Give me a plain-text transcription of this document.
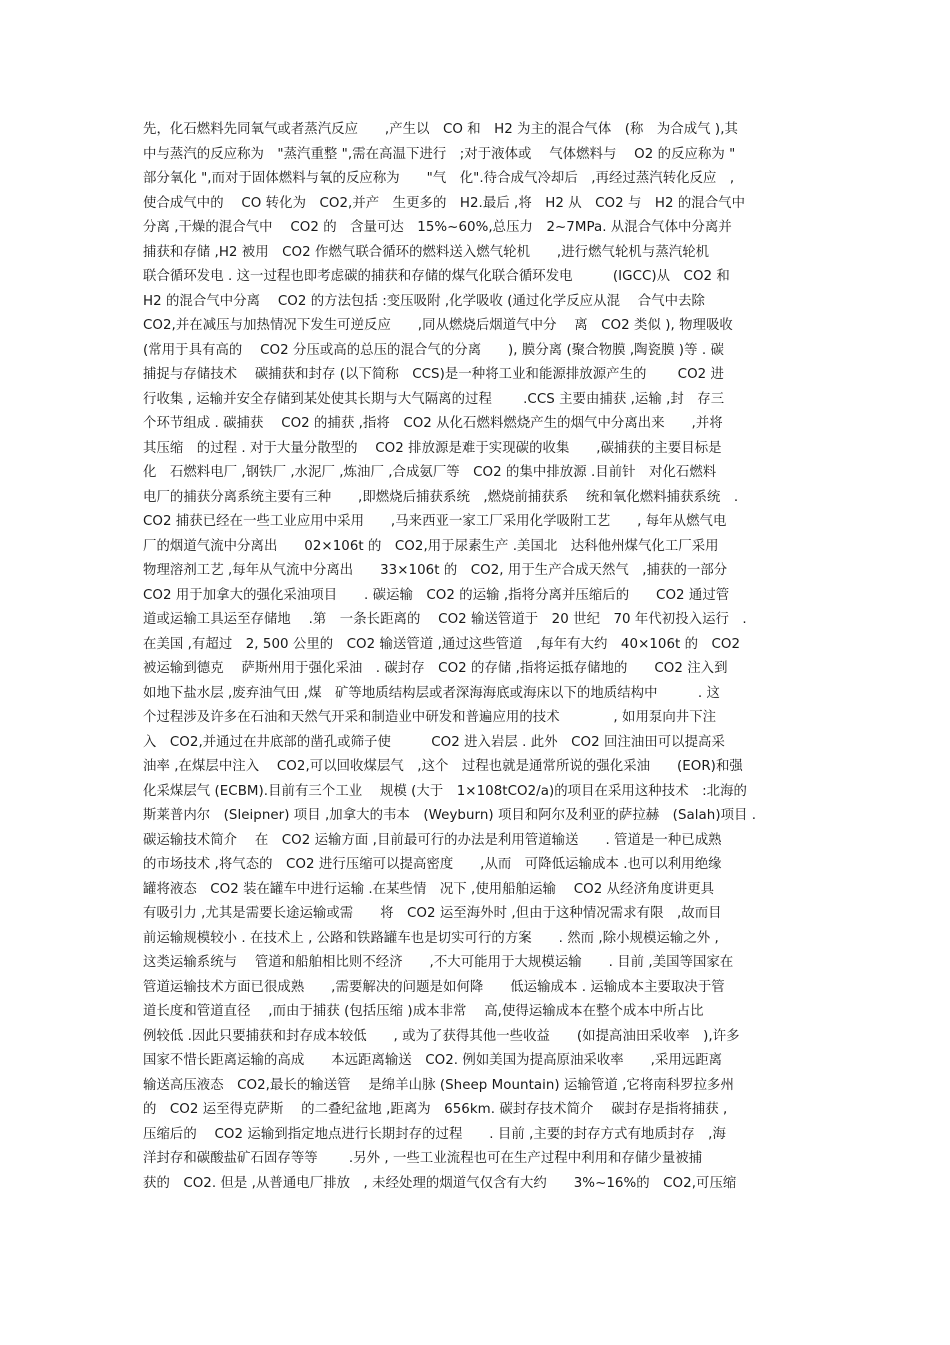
先，化石燃料先同氧气或者蒸汽反应　　,产生以　CO 和　H2 为主的混合气体　(称　为合成气 ),其
中与蒸汽的反应称为　"蒸汽重整 ",需在高温下进行　;对于液体或　 气体燃料与　 O2 的反应称为 "
部分氧化 ",而对于固体燃料与氧的反应称为　　"气　化".待合成气冷却后　,再经过蒸汽转化反应　,
使合成气中的　 CO 转化为　CO2,并产　生更多的　H2.最后 ,将　H2 从　CO2 与　H2 的混合气中
分离 ,干燥的混合气中　 CO2 的　含量可达　15%~60%,总压力　2~7MPa. 从混合气体中分离并
捕获和存储 ,H2 被用　CO2 作燃气联合循环的燃料送入燃气轮机　　,进行燃气轮机与蒸汽轮机
联合循环发电 . 这一过程也即考虑碳的捕获和存储的煤气化联合循环发电　　　(IGCC)从　CO2 和
H2 的混合气中分离　 CO2 的方法包括 :变压吸附 ,化学吸收 (通过化学反应从混　 合气中去除
CO2,并在减压与加热情况下发生可逆反应　　,同从燃烧后烟道气中分　 离　CO2 类似 ), 物理吸收
(常用于具有高的　 CO2 分压或高的总压的混合气的分离　　), 膜分离 (聚合物膜 ,陶瓷膜 )等 . 碳
捕捉与存储技术　 碳捕获和封存 (以下简称　CCS)是一种将工业和能源排放源产生的　　 CO2 进
行收集 , 运输并安全存储到某处使其长期与大气隔离的过程　　 .CCS 主要由捕获 ,运输 ,封　存三
个环节组成 . 碳捕获　 CO2 的捕获 ,指将　CO2 从化石燃料燃烧产生的烟气中分离出来　　,并将
其压缩　的过程 . 对于大量分散型的　 CO2 排放源是难于实现碳的收集　　,碳捕获的主要目标是
化　石燃料电厂 ,钢铁厂 ,水泥厂 ,炼油厂 ,合成氨厂等　CO2 的集中排放源 .目前针　对化石燃料
电厂的捕获分离系统主要有三种　　,即燃烧后捕获系统　,燃烧前捕获系　 统和氧化燃料捕获系统　.
CO2 捕获已经在一些工业应用中采用　　,马来西亚一家工厂采用化学吸附工艺　　, 每年从燃气电
厂的烟道气流中分离出　　02×106t 的　CO2,用于尿素生产 .美国北　达科他州煤气化工厂采用
物理溶剂工艺 ,每年从气流中分离出　　33×106t 的　CO2, 用于生产合成天然气　,捕获的一部分
CO2 用于加拿大的强化采油项目　　. 碳运输　CO2 的运输 ,指将分离并压缩后的　　CO2 通过管
道或运输工具运至存储地　 .第　一条长距离的　 CO2 输送管道于　20 世纪　70 年代初投入运行　.
在美国 ,有超过　2, 500 公里的　CO2 输送管道 ,通过这些管道　,每年有大约　40×106t 的　CO2
被运输到德克　 萨斯州用于强化采油　. 碳封存　CO2 的存储 ,指将运抵存储地的　　CO2 注入到
如地下盐水层 ,废弃油气田 ,煤　矿等地质结构层或者深海海底或海床以下的地质结构中　　　. 这
个过程涉及许多在石油和天然气开采和制造业中研发和普遍应用的技术　　　　, 如用泵向井下注
入　CO2,并通过在井底部的凿孔或筛子使　　　CO2 进入岩层 . 此外　CO2 回注油田可以提高采
油率 ,在煤层中注入　 CO2,可以回收煤层气　,这个　过程也就是通常所说的强化采油　　(EOR)和强
化采煤层气 (ECBM).目前有三个工业　 规模 (大于　1×108tCO2/a)的项目在采用这种技术　:北海的
斯莱普内尔　(Sleipner) 项目 ,加拿大的韦本　(Weyburn) 项目和阿尔及利亚的萨拉赫　(Salah)项目 .
碳运输技术简介　 在　CO2 运输方面 ,目前最可行的办法是利用管道输送　　. 管道是一种已成熟
的市场技术 ,将气态的　CO2 进行压缩可以提高密度　　,从而　可降低运输成本 .也可以利用绝缘
罐将液态　CO2 装在罐车中进行运输 .在某些情　况下 ,使用船舶运输　 CO2 从经济角度讲更具
有吸引力 ,尤其是需要长途运输或需　　将　CO2 运至海外时 ,但由于这种情况需求有限　,故而目
前运输规模较小 . 在技术上 , 公路和铁路罐车也是切实可行的方案　　. 然而 ,除小规模运输之外 ,
这类运输系统与　 管道和船舶相比则不经济　　,不大可能用于大规模运输　　. 目前 ,美国等国家在
管道运输技术方面已很成熟　　,需要解决的问题是如何降　　低运输成本 . 运输成本主要取决于管
道长度和管道直径　 ,而由于捕获 (包括压缩 )成本非常　 高,使得运输成本在整个成本中所占比
例较低 .因此只要捕获和封存成本较低　　, 或为了获得其他一些收益　　(如提高油田采收率　),许多
国家不惜长距离运输的高成　　本远距离输送　CO2. 例如美国为提高原油采收率　　,采用远距离
输送高压液态　CO2,最长的输送管　 是绵羊山脉 (Sheep Mountain) 运输管道 ,它将南科罗拉多州
的　CO2 运至得克萨斯　 的二叠纪盆地 ,距离为　656km. 碳封存技术简介　 碳封存是指将捕获 ,
压缩后的　 CO2 运输到指定地点进行长期封存的过程　　. 目前 ,主要的封存方式有地质封存　,海
洋封存和碳酸盐矿石固存等等　　 .另外 , 一些工业流程也可在生产过程中利用和存储少量被捕
获的　CO2. 但是 ,从普通电厂排放　, 未经处理的烟道气仅含有大约　　3%~16%的　CO2,可压缩
